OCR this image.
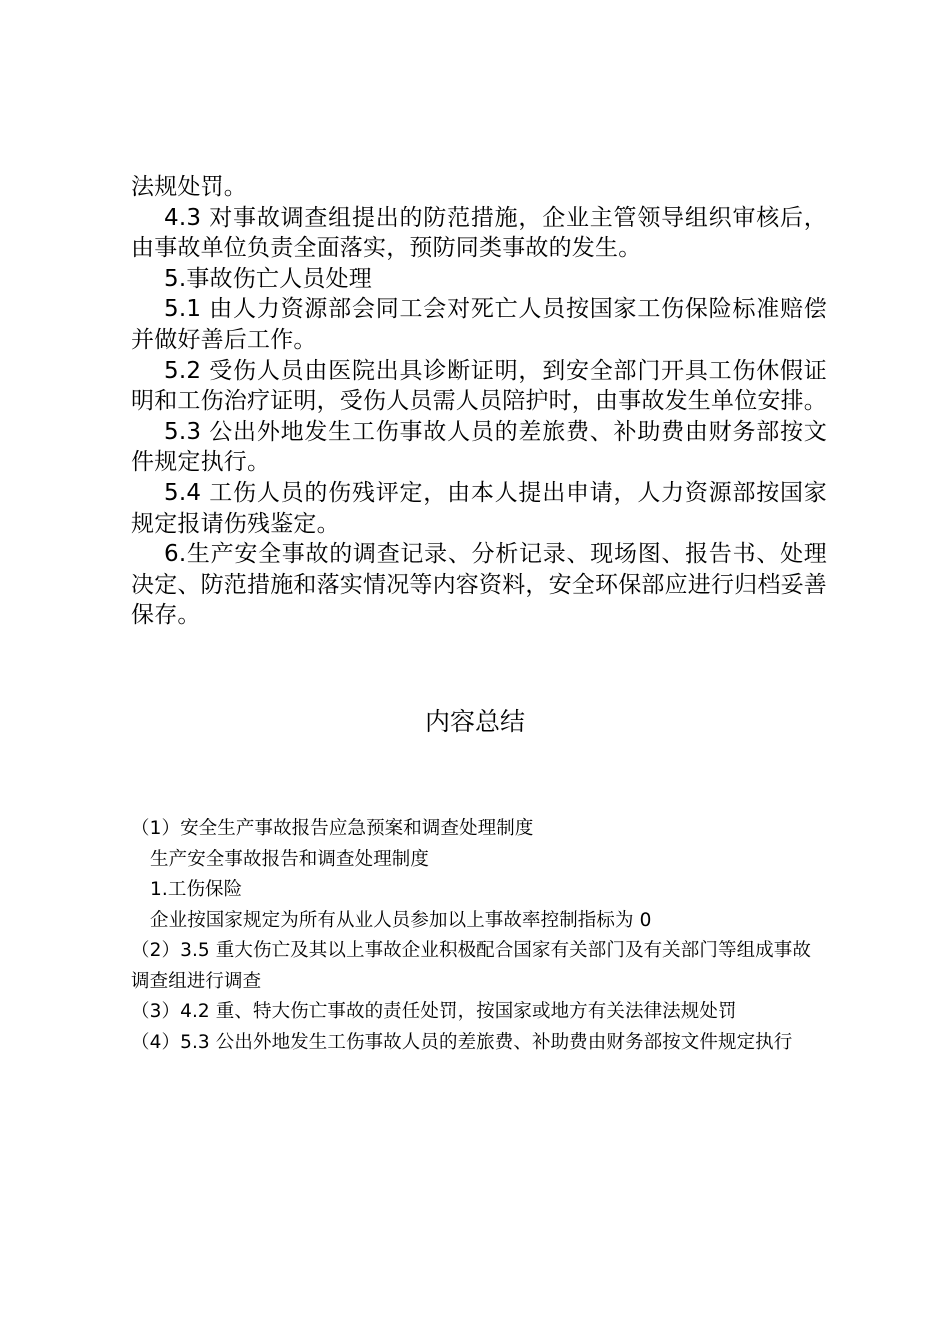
法规处罚。

4.3 对事故调查组提出的防范措施，企业主管领导组织审核后，由事故单位负责全面落实，预防同类事故的发生。

5.事故伤亡人员处理

5.1 由人力资源部会同工会对死亡人员按国家工伤保险标准赔偿并做好善后工作。

5.2 受伤人员由医院出具诊断证明，到安全部门开具工伤休假证明和工伤治疗证明，受伤人员需人员陪护时，由事故发生单位安排。

5.3 公出外地发生工伤事故人员的差旅费、补助费由财务部按文件规定执行。

5.4 工伤人员的伤残评定，由本人提出申请，人力资源部按国家规定报请伤残鉴定。

6.生产安全事故的调查记录、分析记录、现场图、报告书、处理决定、防范措施和落实情况等内容资料，安全环保部应进行归档妥善保存。

内容总结

（1）安全生产事故报告应急预案和调查处理制度

生产安全事故报告和调查处理制度

1.工伤保险

企业按国家规定为所有从业人员参加以上事故率控制指标为 0

（2）3.5 重大伤亡及其以上事故企业积极配合国家有关部门及有关部门等组成事故调查组进行调查

（3）4.2 重、特大伤亡事故的责任处罚，按国家或地方有关法律法规处罚

（4）5.3 公出外地发生工伤事故人员的差旅费、补助费由财务部按文件规定执行
